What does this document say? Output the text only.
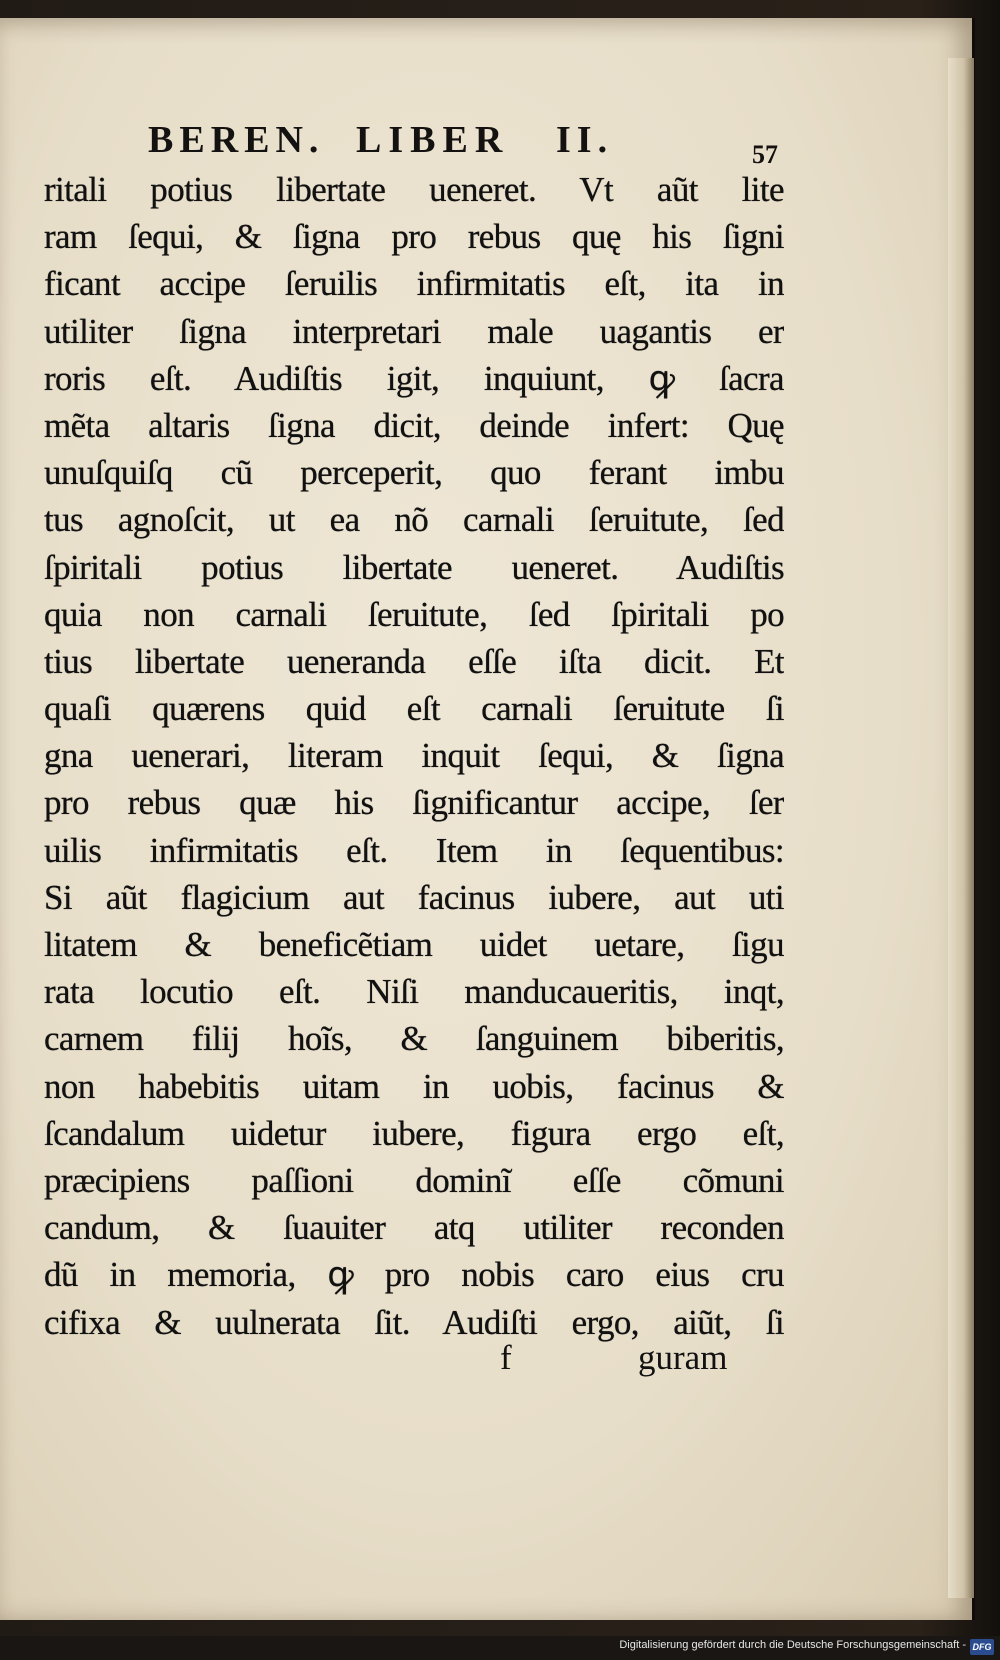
BEREN. LIBER II.	57
ritali potius libertate ueneret. Vt aũt lite
ram ſequi, & ſigna pro rebus quę his ſigni
ficant accipe ſeruilis infirmitatis eſt, ita in
utiliter ſigna interpretari male uagantis er
roris eſt. Audiſtis igit, inquiunt, ꝙ ſacra
mẽta altaris ſigna dicit, deinde infert: Quę
unuſquiſq cũ perceperit, quo ferant imbu
tus agnoſcit, ut ea nõ carnali ſeruitute, ſed
ſpiritali potius libertate ueneret. Audiſtis
quia non carnali ſeruitute, ſed ſpiritali po
tius libertate ueneranda eſſe iſta dicit. Et
quaſi quærens quid eſt carnali ſeruitute ſi
gna uenerari, literam inquit ſequi, & ſigna
pro rebus quæ his ſignificantur accipe, ſer
uilis infirmitatis eſt. Item in ſequentibus:
Si aũt flagicium aut facinus iubere, aut uti
litatem & beneficẽtiam uidet uetare, ſigu
rata locutio eſt. Niſi manducaueritis, inqt,
carnem filij hoĩs, & ſanguinem biberitis,
non habebitis uitam in uobis, facinus &
ſcandalum uidetur iubere, figura ergo eſt,
præcipiens paſſioni dominĩ eſſe cõmuni
candum, & ſuauiter atq utiliter reconden
dũ in memoria, ꝙ pro nobis caro eius cru
cifixa & uulnerata ſit. Audiſti ergo, aiũt, ſi
f	guram
Digitalisierung gefördert durch die Deutsche Forschungsgemeinschaft - DFG
